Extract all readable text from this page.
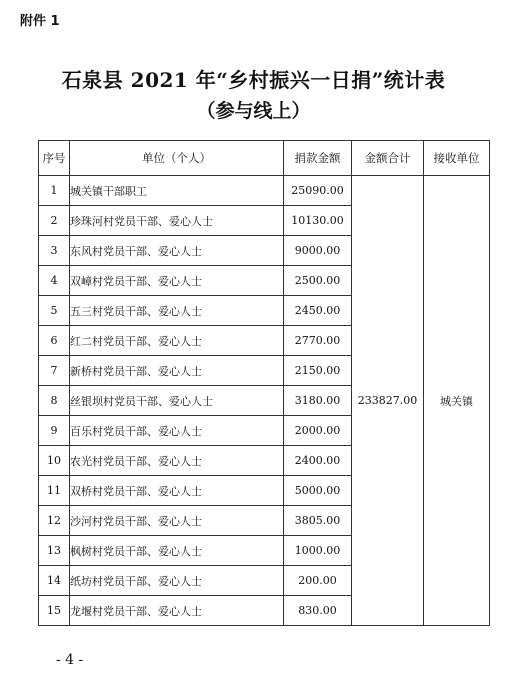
附件 1
石泉县 2021 年“乡村振兴一日捐”统计表
（参与线上）
序号	单位（个人）	捐款金额	金额合计	接收单位
1	城关镇干部职工	25090.00	233827.00	城关镇
2	珍珠河村党员干部、爱心人士	10130.00		
3	东风村党员干部、爱心人士	9000.00		
4	双嶂村党员干部、爱心人士	2500.00		
5	五三村党员干部、爱心人士	2450.00		
6	红二村党员干部、爱心人士	2770.00		
7	新桥村党员干部、爱心人士	2150.00		
8	丝银坝村党员干部、爱心人士	3180.00		
9	百乐村党员干部、爱心人士	2000.00		
10	农光村党员干部、爱心人士	2400.00		
11	双桥村党员干部、爱心人士	5000.00		
12	沙河村党员干部、爱心人士	3805.00		
13	枫树村党员干部、爱心人士	1000.00		
14	纸坊村党员干部、爱心人士	200.00		
15	龙堰村党员干部、爱心人士	830.00		
- 4 -
